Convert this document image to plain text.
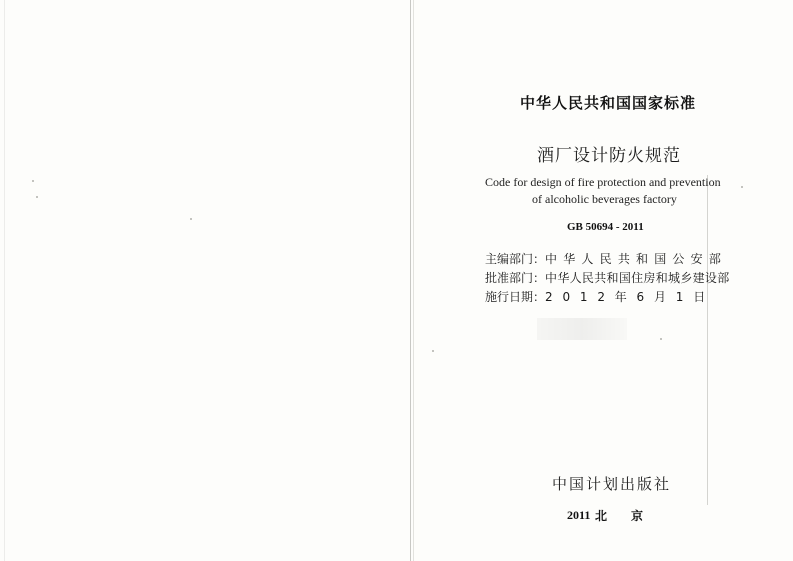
中华人民共和国国家标准
酒厂设计防火规范
Code for design of fire protection and prevention
of alcoholic beverages factory
GB 50694 - 2011
主编部门：中华人民共和国公安部
批准部门：中华人民共和国住房和城乡建设部
施行日期：2012年6月1日
中国计划出版社
2011 北京
